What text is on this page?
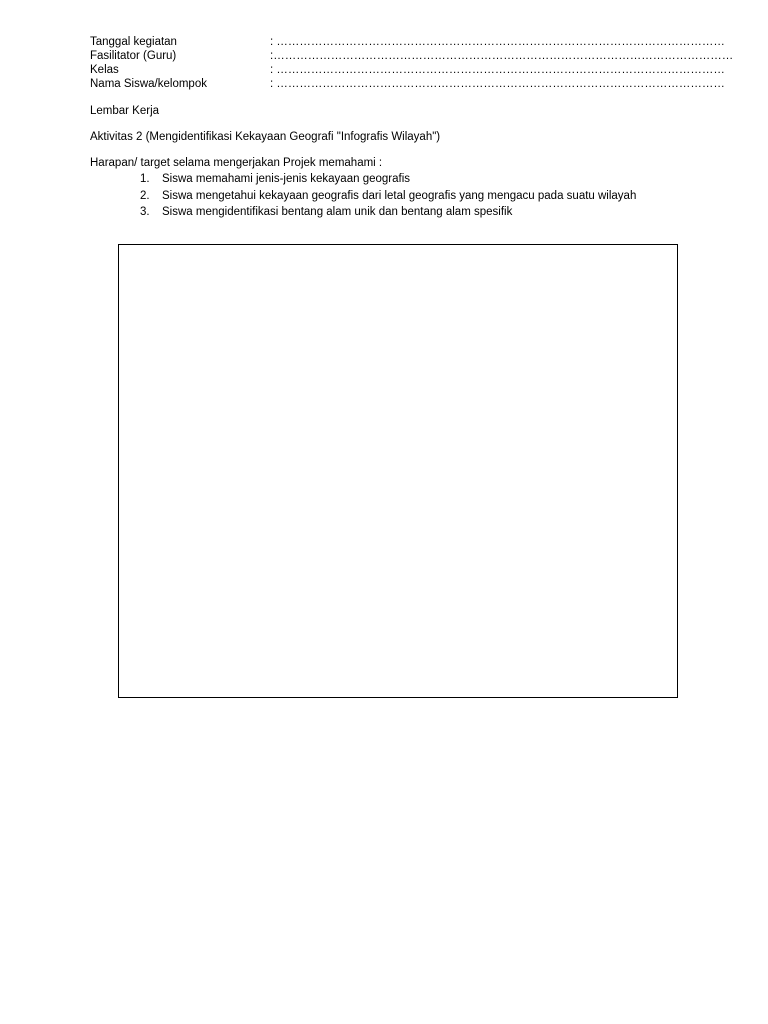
Tanggal kegiatan	: ………………………………………………………………………………………………………
Fasilitator (Guru)	:…………………………………………………………………………………………………………
Kelas	: ………………………………………………………………………………………………………
Nama Siswa/kelompok	: ………………………………………………………………………………………………………
Lembar Kerja
Aktivitas 2 (Mengidentifikasi Kekayaan Geografi "Infografis Wilayah")
Harapan/ target selama mengerjakan Projek memahami :
1.	Siswa memahami jenis-jenis kekayaan geografis
2.	Siswa mengetahui kekayaan geografis dari letal geografis yang mengacu pada suatu wilayah
3.	Siswa mengidentifikasi bentang alam unik dan bentang alam spesifik
